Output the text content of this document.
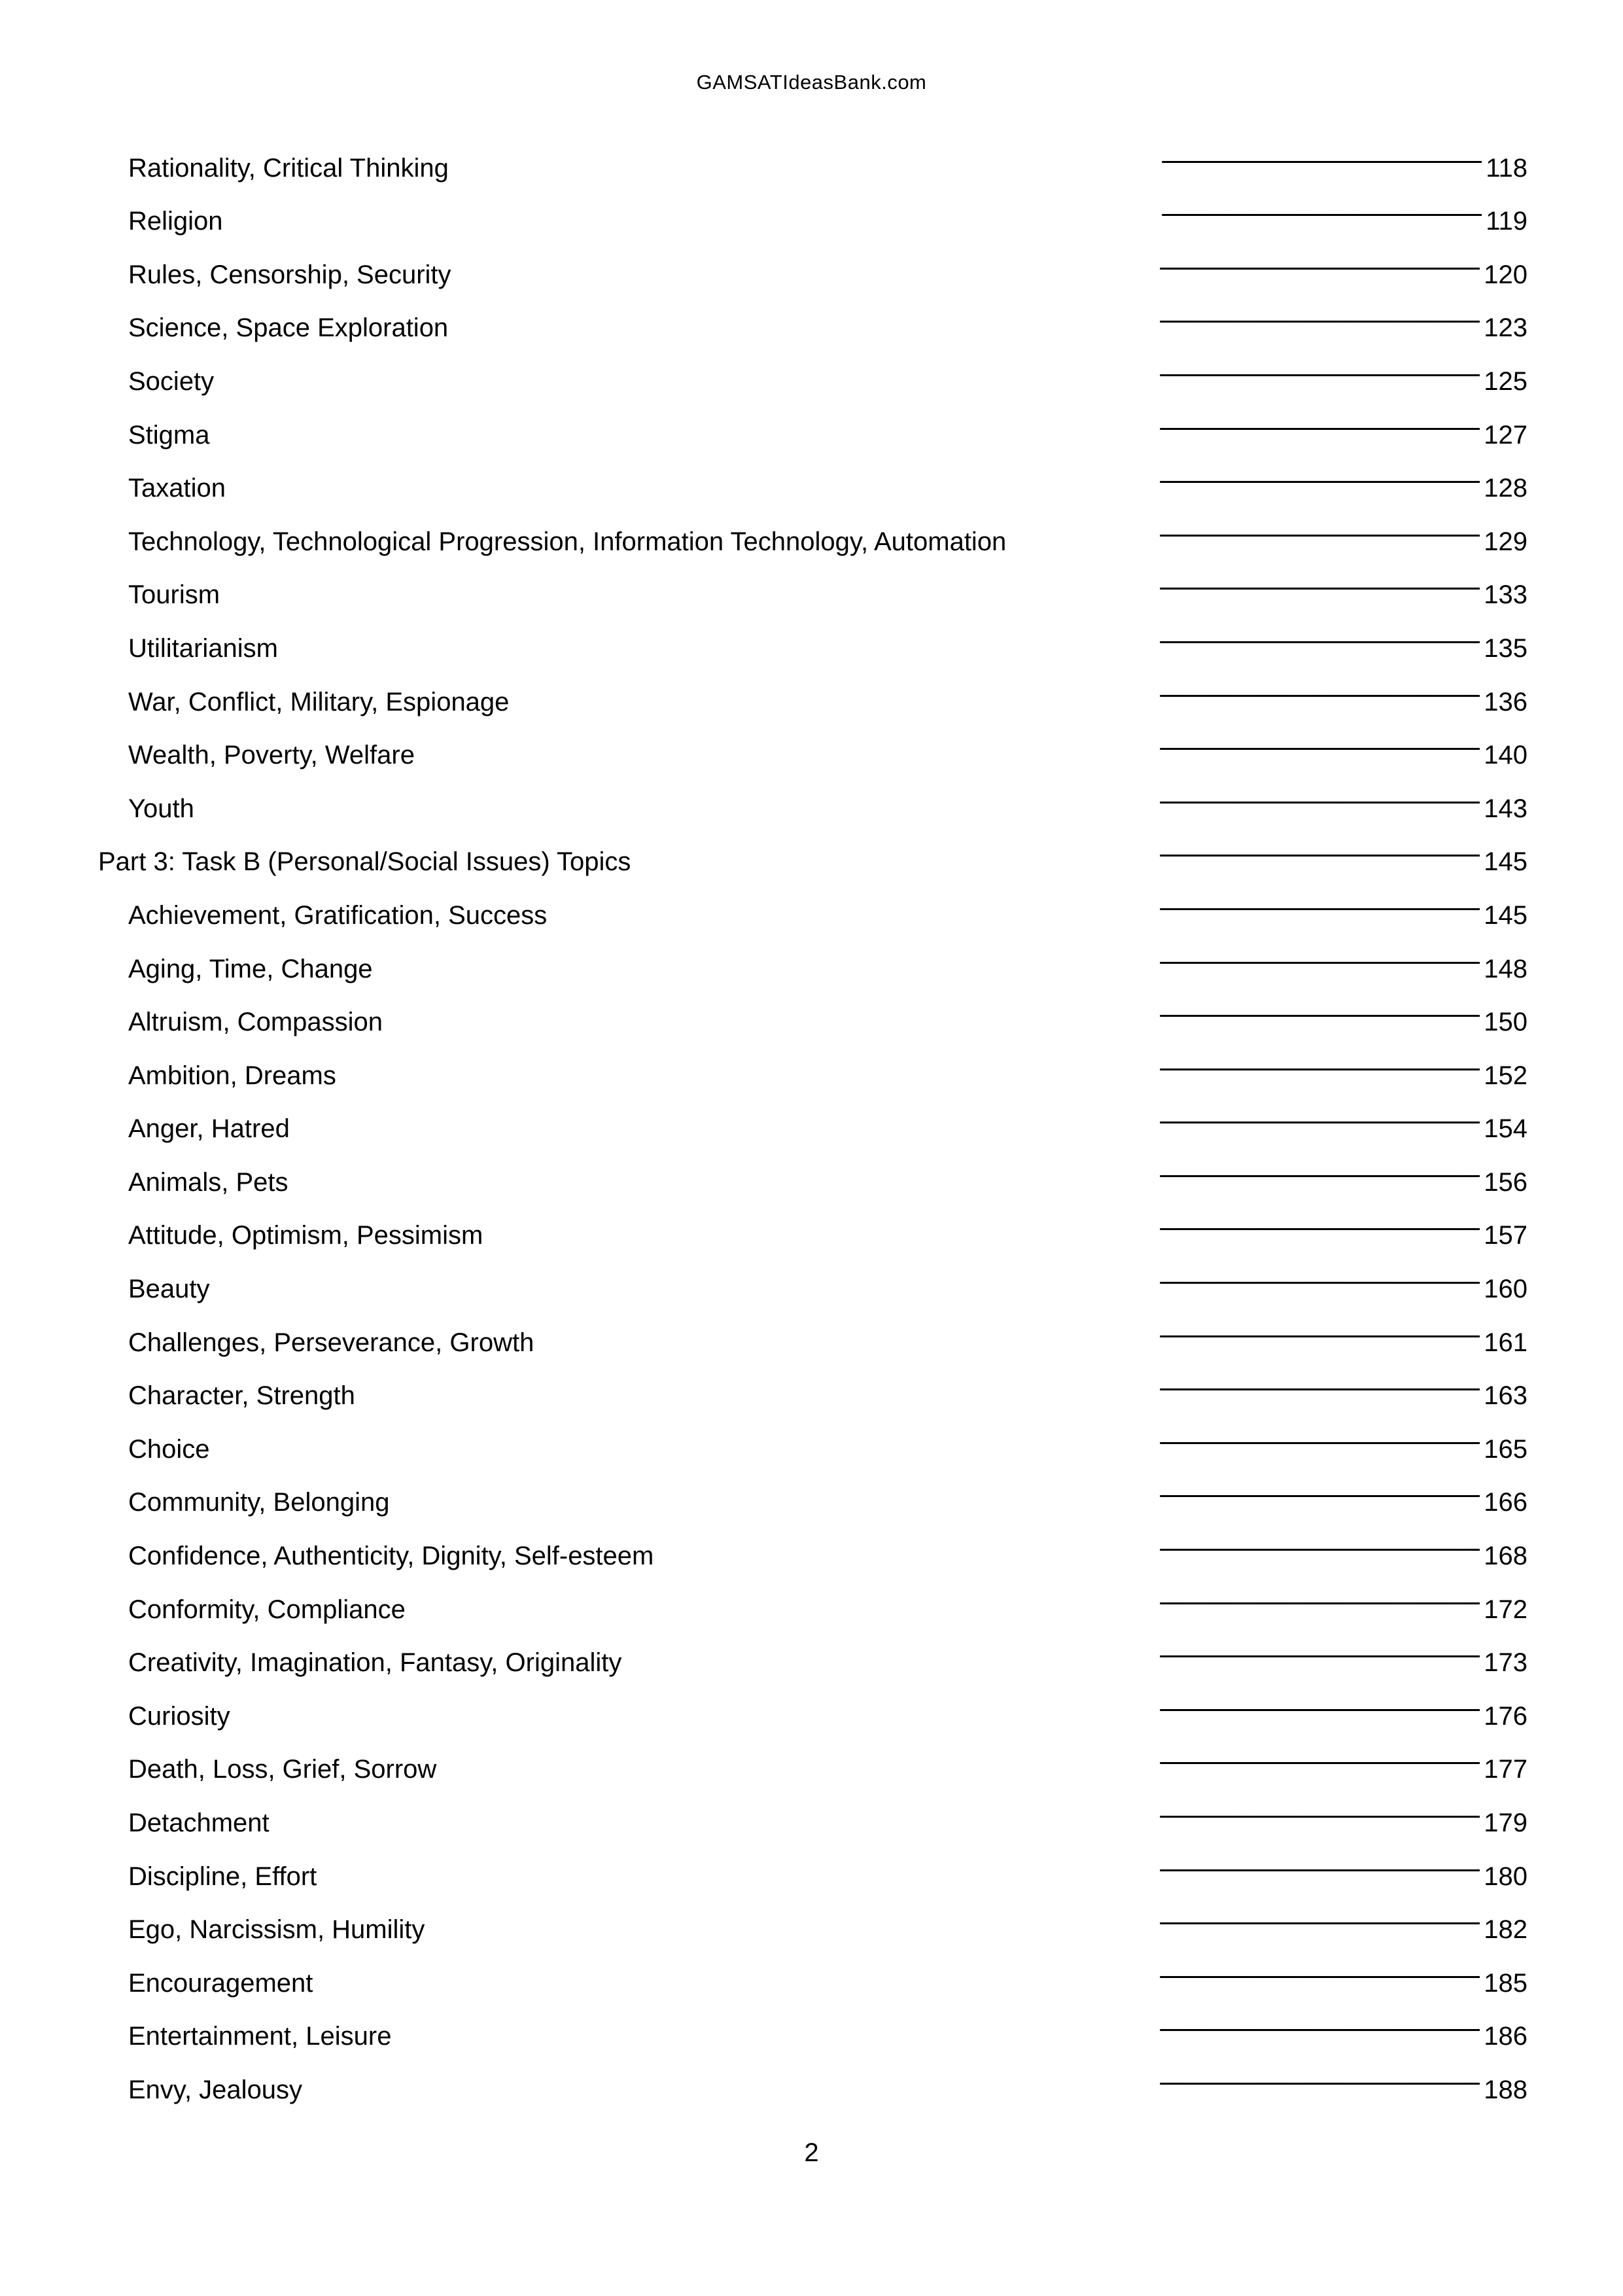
GAMSATIdeasBank.com
Rationality, Critical Thinking . . .	118
Religion . . .	119
Rules, Censorship, Security . . .	120
Science, Space Exploration . . .	123
Society . . .	125
Stigma . . .	127
Taxation . . .	128
Technology, Technological Progression, Information Technology, Automation . . .	129
Tourism . . .	133
Utilitarianism . . .	135
War, Conflict, Military, Espionage . . .	136
Wealth, Poverty, Welfare . . .	140
Youth . . .	143
Part 3: Task B (Personal/Social Issues) Topics . . .	145
Achievement, Gratification, Success . . .	145
Aging, Time, Change . . .	148
Altruism, Compassion . . .	150
Ambition, Dreams . . .	152
Anger, Hatred . . .	154
Animals, Pets . . .	156
Attitude, Optimism, Pessimism . . .	157
Beauty . . .	160
Challenges, Perseverance, Growth . . .	161
Character, Strength . . .	163
Choice . . .	165
Community, Belonging . . .	166
Confidence, Authenticity, Dignity, Self-esteem . . .	168
Conformity, Compliance . . .	172
Creativity, Imagination, Fantasy, Originality . . .	173
Curiosity . . .	176
Death, Loss, Grief, Sorrow . . .	177
Detachment . . .	179
Discipline, Effort . . .	180
Ego, Narcissism, Humility . . .	182
Encouragement . . .	185
Entertainment, Leisure . . .	186
Envy, Jealousy . . .	188
2
